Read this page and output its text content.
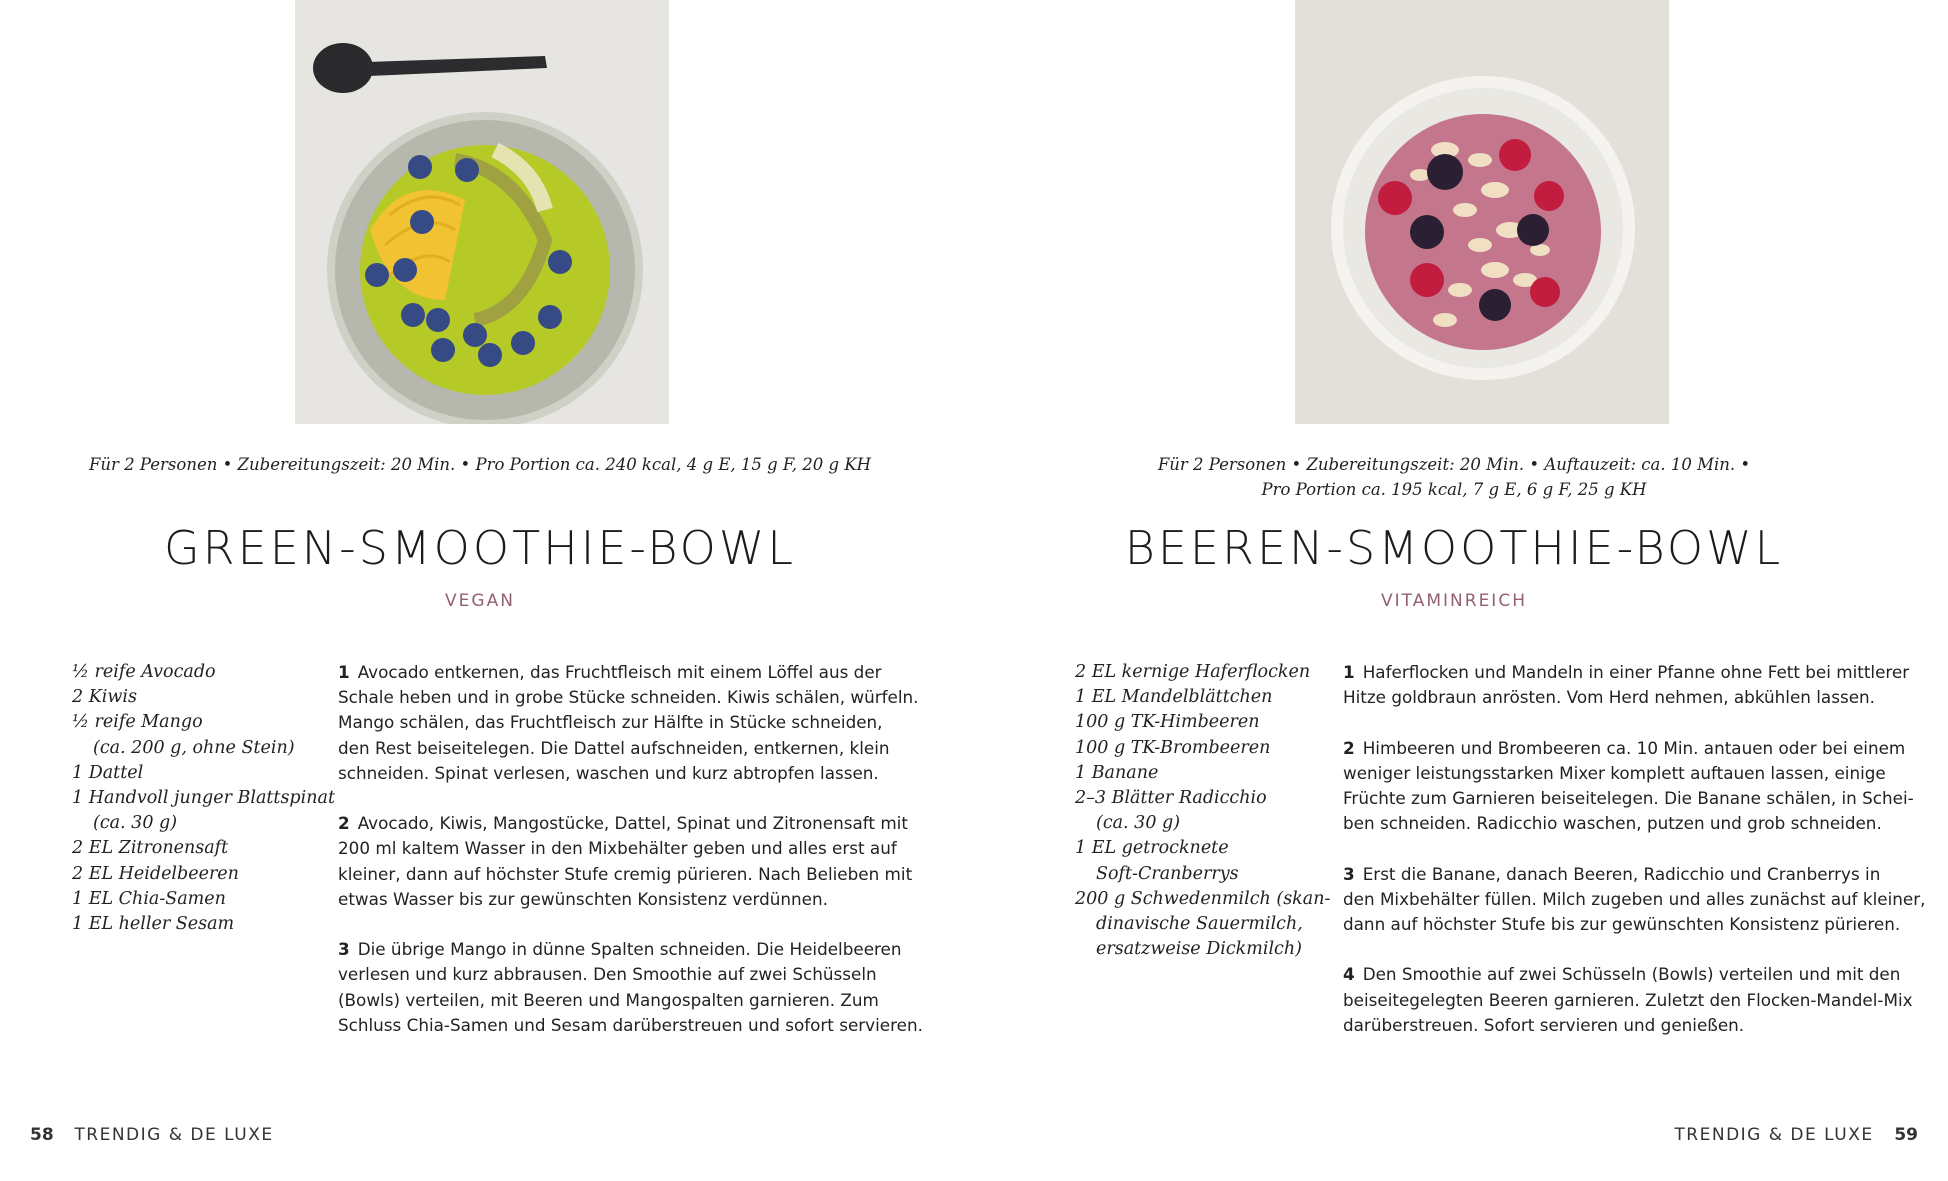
Für 2 Personen • Zubereitungszeit: 20 Min. • Pro Portion ca. 240 kcal, 4 g E, 15 g F, 20 g KH
GREEN-SMOOTHIE-BOWL
VEGAN
½ reife Avocado
2 Kiwis
½ reife Mango
(ca. 200 g, ohne Stein)
1 Dattel
1 Handvoll junger Blattspinat
(ca. 30 g)
2 EL Zitronensaft
2 EL Heidelbeeren
1 EL Chia-Samen
1 EL heller Sesam

1 Avocado entkernen, das Fruchtfleisch mit einem Löffel aus der
Schale heben und in grobe Stücke schneiden. Kiwis schälen, würfeln.
Mango schälen, das Fruchtfleisch zur Hälfte in Stücke schneiden,
den Rest beiseitelegen. Die Dattel aufschneiden, entkernen, klein
schneiden. Spinat verlesen, waschen und kurz abtropfen lassen.

2 Avocado, Kiwis, Mangostücke, Dattel, Spinat und Zitronensaft mit
200 ml kaltem Wasser in den Mixbehälter geben und alles erst auf
kleiner, dann auf höchster Stufe cremig pürieren. Nach Belieben mit
etwas Wasser bis zur gewünschten Konsistenz verdünnen.

3 Die übrige Mango in dünne Spalten schneiden. Die Heidelbeeren
verlesen und kurz abbrausen. Den Smoothie auf zwei Schüsseln
(Bowls) verteilen, mit Beeren und Mangospalten garnieren. Zum
Schluss Chia-Samen und Sesam darüberstreuen und sofort servieren.

58 TRENDIG & DE LUXE
Für 2 Personen • Zubereitungszeit: 20 Min. • Auftauzeit: ca. 10 Min. •
Pro Portion ca. 195 kcal, 7 g E, 6 g F, 25 g KH
BEEREN-SMOOTHIE-BOWL
VITAMINREICH
2 EL kernige Haferflocken
1 EL Mandelblättchen
100 g TK-Himbeeren
100 g TK-Brombeeren
1 Banane
2–3 Blätter Radicchio
(ca. 30 g)
1 EL getrocknete
Soft-Cranberrys
200 g Schwedenmilch (skan-
dinavische Sauermilch,
ersatzweise Dickmilch)

1 Haferflocken und Mandeln in einer Pfanne ohne Fett bei mittlerer
Hitze goldbraun anrösten. Vom Herd nehmen, abkühlen lassen.

2 Himbeeren und Brombeeren ca. 10 Min. antauen oder bei einem
weniger leistungsstarken Mixer komplett auftauen lassen, einige
Früchte zum Garnieren beiseitelegen. Die Banane schälen, in Schei-
ben schneiden. Radicchio waschen, putzen und grob schneiden.

3 Erst die Banane, danach Beeren, Radicchio und Cranberrys in
den Mixbehälter füllen. Milch zugeben und alles zunächst auf kleiner,
dann auf höchster Stufe bis zur gewünschten Konsistenz pürieren.

4 Den Smoothie auf zwei Schüsseln (Bowls) verteilen und mit den
beiseitegelegten Beeren garnieren. Zuletzt den Flocken-Mandel-Mix
darüberstreuen. Sofort servieren und genießen.

TRENDIG & DE LUXE 59
